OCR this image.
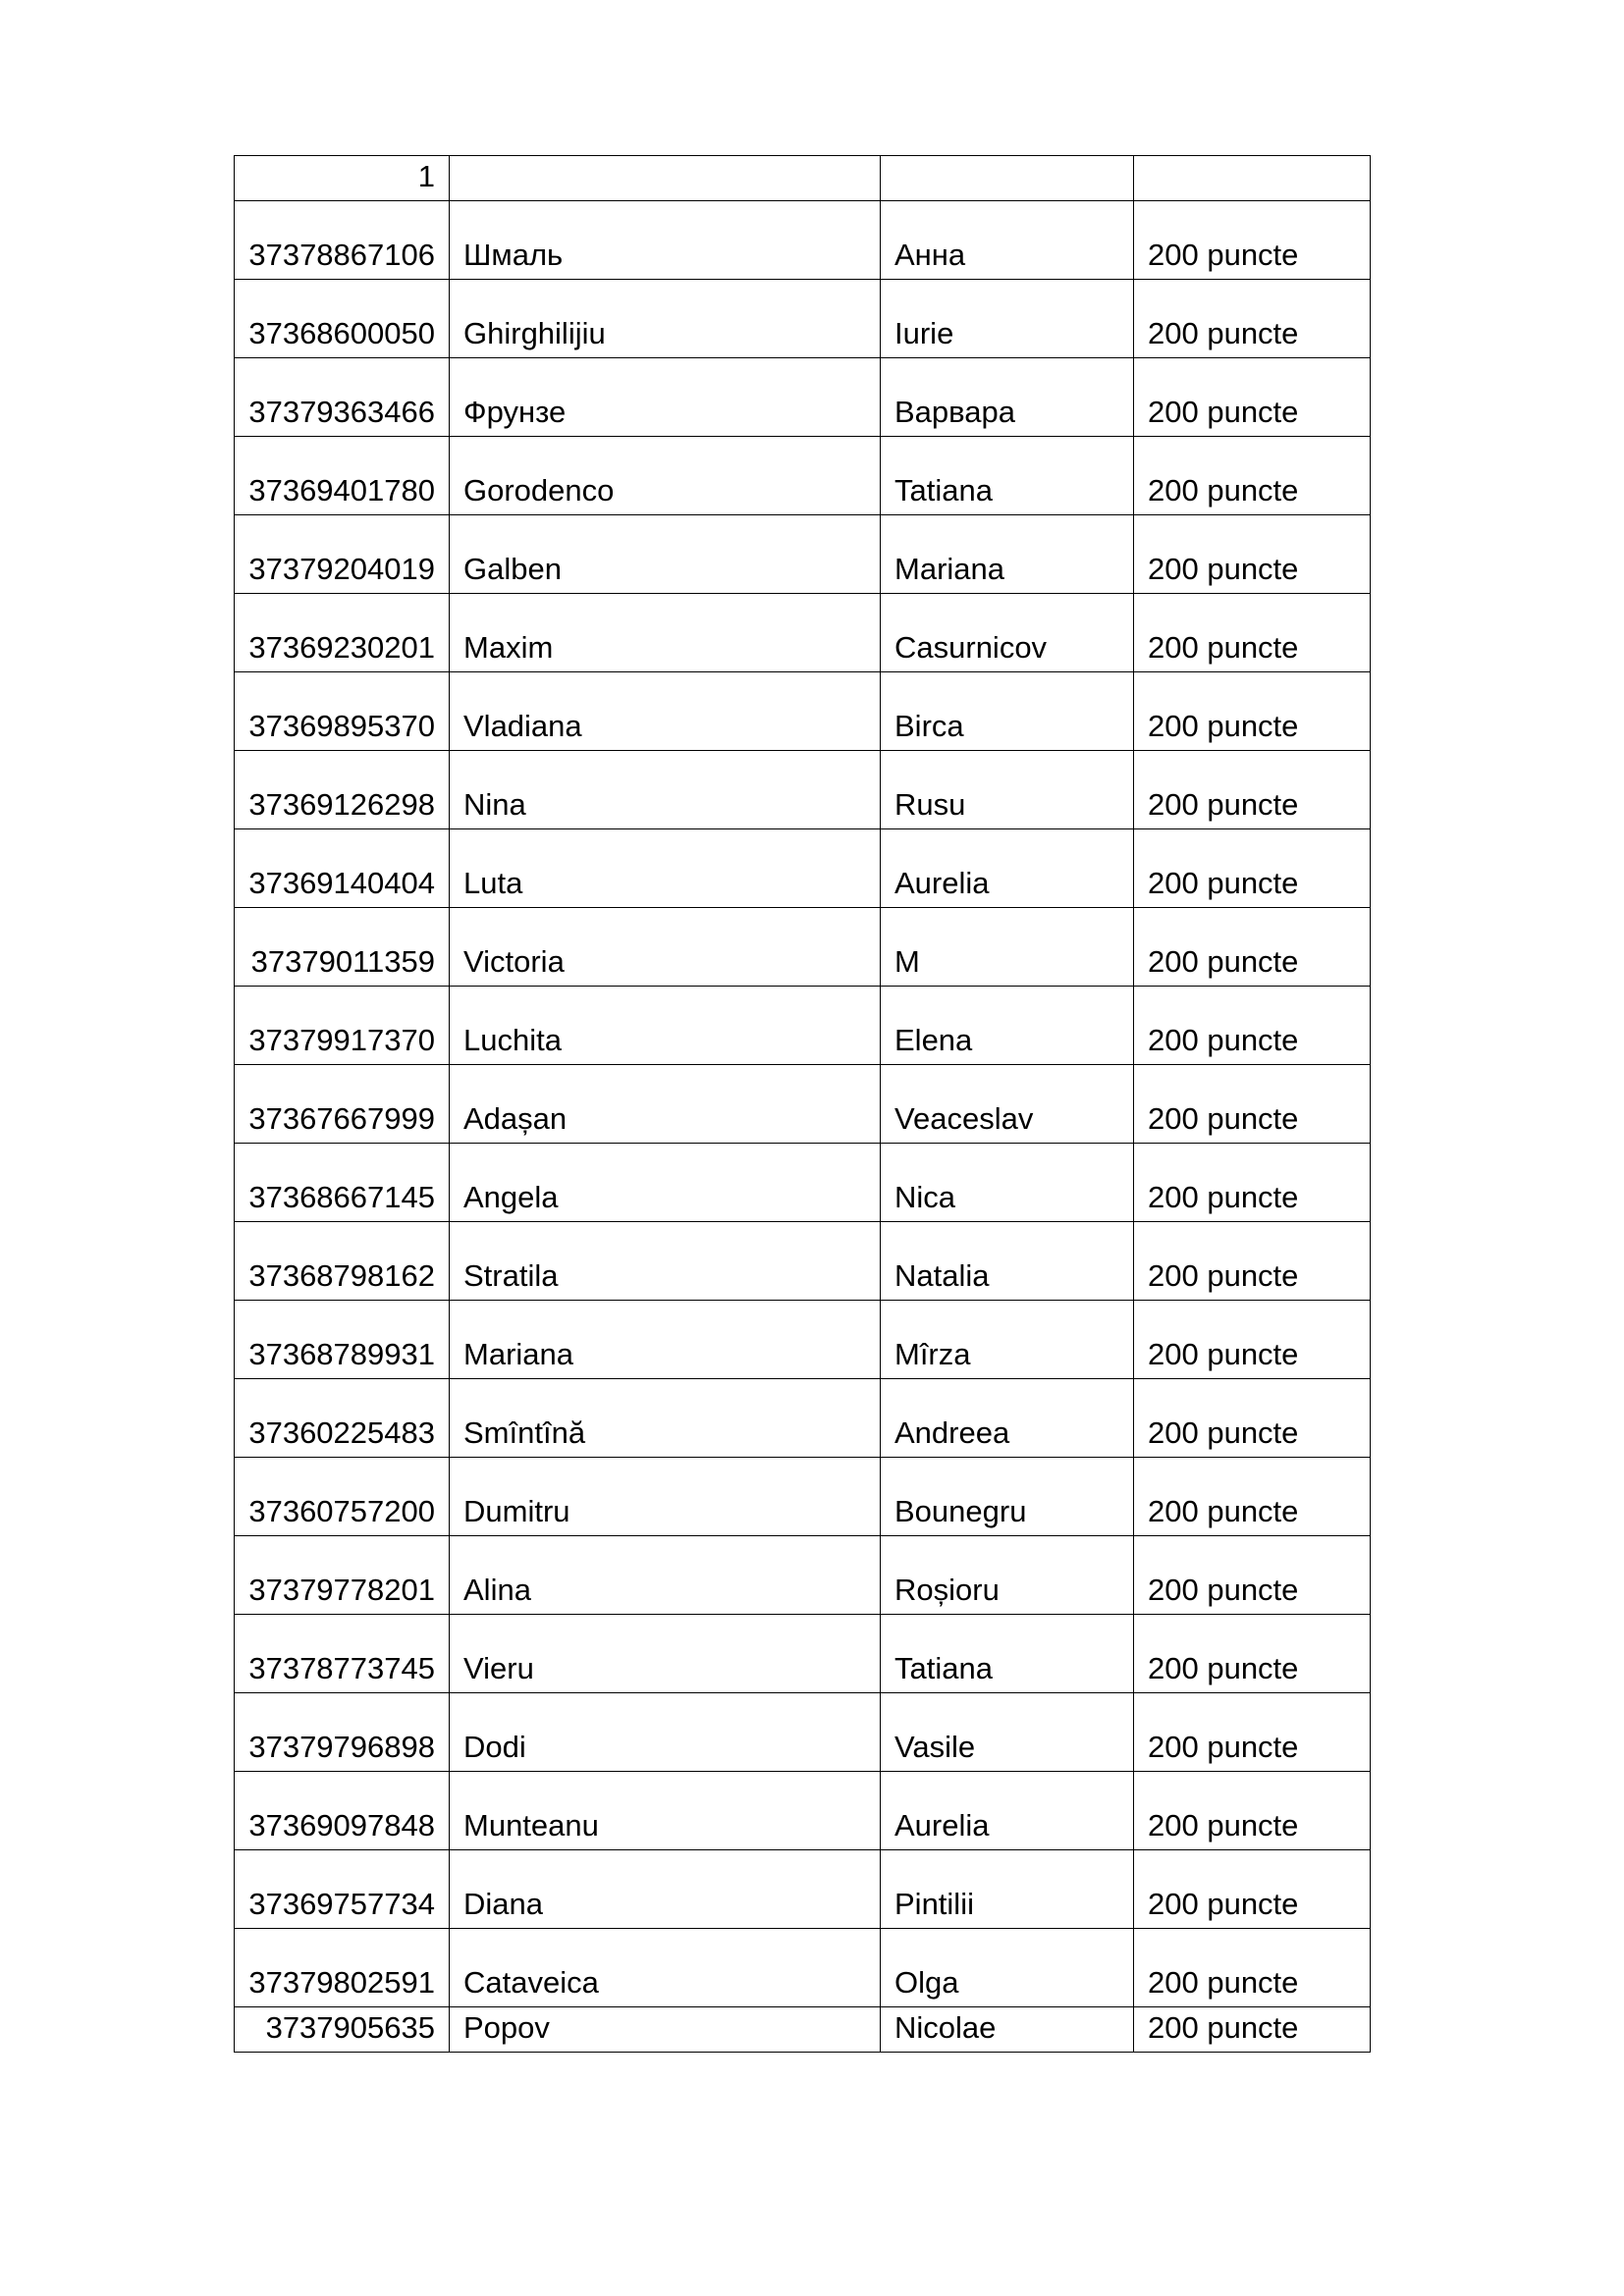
1			
37378867106	Шмаль	Анна	200 puncte
37368600050	Ghirghilijiu	Iurie	200 puncte
37379363466	Фрунзе	Варвара	200 puncte
37369401780	Gorodenco	Tatiana	200 puncte
37379204019	Galben	Mariana	200 puncte
37369230201	Maxim	Casurnicov	200 puncte
37369895370	Vladiana	Birca	200 puncte
37369126298	Nina	Rusu	200 puncte
37369140404	Luta	Aurelia	200 puncte
37379011359	Victoria	M	200 puncte
37379917370	Luchita	Elena	200 puncte
37367667999	Adașan	Veaceslav	200 puncte
37368667145	Angela	Nica	200 puncte
37368798162	Stratila	Natalia	200 puncte
37368789931	Mariana	Mîrza	200 puncte
37360225483	Smîntînă	Andreea	200 puncte
37360757200	Dumitru	Bounegru	200 puncte
37379778201	Alina	Roșioru	200 puncte
37378773745	Vieru	Tatiana	200 puncte
37379796898	Dodi	Vasile	200 puncte
37369097848	Munteanu	Aurelia	200 puncte
37369757734	Diana	Pintilii	200 puncte
37379802591	Cataveica	Olga	200 puncte
3737905635	Popov	Nicolae	200 puncte
